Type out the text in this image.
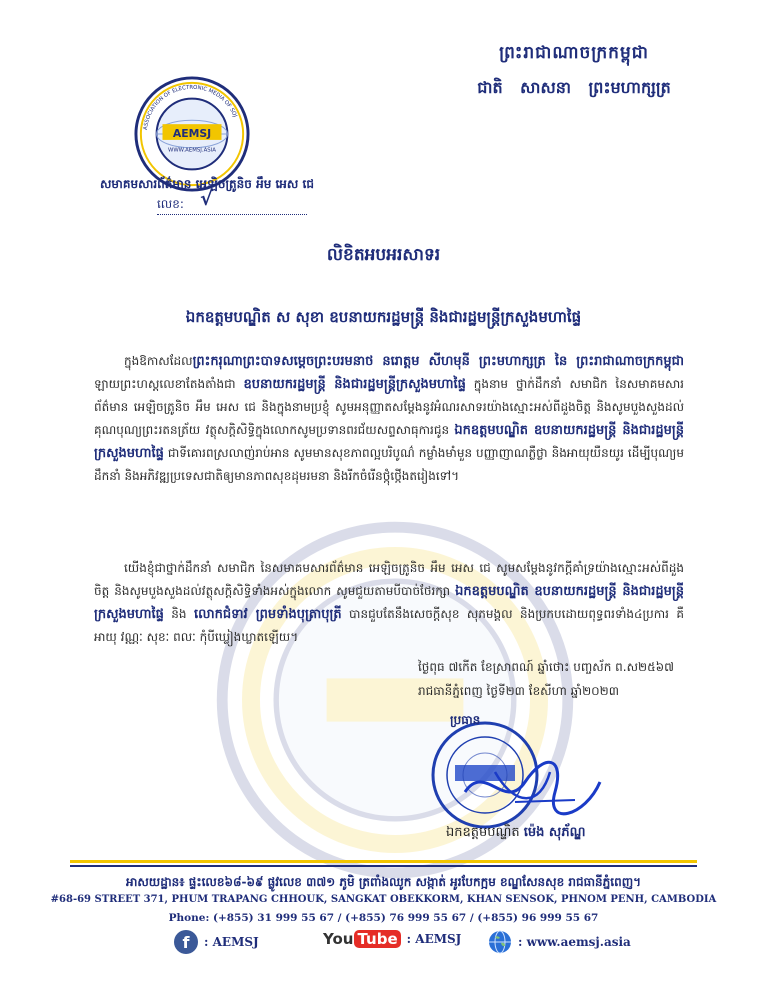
ព្រះរាជាណាចក្រកម្ពុជា
ជាតិ សាសនា ព្រះមហាក្សត្រ
AEMSJ
WWW.AEMSJ.ASIA
ASSOCIATION OF ELECTRONIC MEDIA OF SOJ
សមាគមសារព័ត៌មាន អេឡិចត្រូនិច អឹម អេស ជេ
លេខ: √
លិខិតអបអរសាទរ
ឯកឧត្តមបណ្ឌិត ស សុខា ឧបនាយករដ្ឋមន្ត្រី និងជារដ្ឋមន្ត្រីក្រសួងមហាផ្ទៃ
ក្នុងឱកាសដែលព្រះករុណាព្រះបាទសម្តេចព្រះបរមនាថ នរោត្តម សីហមុនី ព្រះមហាក្សត្រ នៃ ព្រះរាជាណាចក្រកម្ពុជា ឡាយព្រះហស្តលេខាតែងតាំងជា ឧបនាយករដ្ឋមន្ត្រី និងជារដ្ឋមន្ត្រីក្រសួងមហាផ្ទៃ ក្នុងនាម ថ្នាក់ដឹកនាំ សមាជិក នៃសមាគមសារព័ត៌មាន អេឡិចត្រូនិច អឹម អេស ជេ និងក្នុងនាមប្រខ្ញុំ សូមអនុញ្ញាតសម្តែងនូវអំណរសាទរយ៉ាងស្មោះអស់ពីដួងចិត្ត និងសូមបួងសួងដល់គុណបុណ្យព្រះរតនត្រ័យ វត្ថុសក្តិសិទ្ធិក្នុងលោកសូមប្រទានពរជ័យសព្ទសាធុការជូន ឯកឧត្តមបណ្ឌិត ឧបនាយករដ្ឋមន្ត្រី និងជារដ្ឋមន្ត្រីក្រសួងមហាផ្ទៃ ជាទីគោរពស្រលាញ់រាប់អាន សូមមានសុខភាពល្អបរិបូណ៌ កម្លាំងមាំមួន បញ្ញាញាណភ្លឺថ្លា និងអាយុយឺនយូរ ដើម្បីបុណ្យមដឹកនាំ និងអភិវឌ្ឍប្រទេសជាតិឲ្យមានភាពសុខដុមរមនា និងរីកចំរើនថ្កុំថ្កើងតរៀងទៅ។
យើងខ្ញុំជាថ្នាក់ដឹកនាំ សមាជិក នៃសមាគមសារព័ត៌មាន អេឡិចត្រូនិច អឹម អេស ជេ សូមសម្តែងនូវកក្តីគាំទ្រយ៉ាងស្មោះអស់ពីដួងចិត្ត និងសូមបួងសួងដល់វត្ថុសក្តិសិទ្ធិទាំងអស់ក្នុងលោក សូមជួយតាមបីបាច់ថែរក្សា ឯកឧត្តមបណ្ឌិត ឧបនាយករដ្ឋមន្ត្រី និងជារដ្ឋមន្ត្រីក្រសួងមហាផ្ទៃ និង លោកជំទាវ ព្រមទាំងបុត្រាបុត្រី បានជួបតែនឹងសេចក្តីសុខ សុភមង្គល និងប្រកបដោយពុទ្ធពរទាំង៤ប្រការ គឺ អាយុ វណ្ណៈ សុខៈ ពលៈ កុំបីឃ្លៀងឃ្លាតឡើយ។
ថ្ងៃពុធ ៧កើត ខែស្រាពណ៍ ឆ្នាំថោះ បញ្ចស័ក ព.ស២៥៦៧
រាជធានីភ្នំពេញ ថ្ងៃទី២៣ ខែសីហា ឆ្នាំ២០២៣
ប្រធាន
ឯកឧត្តមបណ្ឌិត ម៉េង សុភ័ណ្ឌ
អាសយដ្ឋាន៖ ផ្ទះលេខ៦៨-៦៩ ផ្លូវលេខ ៣៧១ ភូមិ ត្រពាំងឈូក សង្កាត់ អូរបែកក្អម ខណ្ឌសែនសុខ រាជធានីភ្នំពេញ។
#68-69 STREET 371, PHUM TRAPANG CHHOUK, SANGKAT OBEKKORM, KHAN SENSOK, PHNOM PENH, CAMBODIA
Phone: (+855) 31 999 55 67 / (+855) 76 999 55 67 / (+855) 96 999 55 67
f	: AEMSJ	You Tube : AEMSJ	: www.aemsj.asia
